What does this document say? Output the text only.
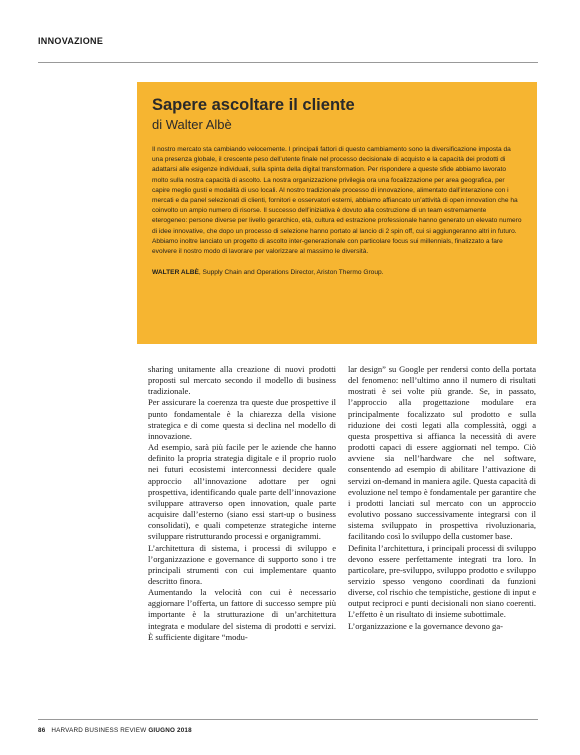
INNOVAZIONE
Sapere ascoltare il cliente
di Walter Albè

Il nostro mercato sta cambiando velocemente. I principali fattori di questo cambiamento sono la diversificazione imposta da una presenza globale, il crescente peso dell’utente finale nel processo decisionale di acquisto e la capacità dei prodotti di adattarsi alle esigenze individuali, sulla spinta della digital transformation. Per rispondere a queste sfide abbiamo lavorato molto sulla nostra capacità di ascolto. La nostra organizzazione privilegia ora una focalizzazione per area geografica, per capire meglio gusti e modalità di uso locali. Al nostro tradizionale processo di innovazione, alimentato dall’interazione con i mercati e da panel selezionati di clienti, fornitori e osservatori esterni, abbiamo affiancato un’attività di open innovation che ha coinvolto un ampio numero di risorse. Il successo dell’iniziativa è dovuto alla costruzione di un team estremamente eterogeneo: persone diverse per livello gerarchico, età, cultura ed estrazione professionale hanno generato un elevato numero di idee innovative, che dopo un processo di selezione hanno portato al lancio di 2 spin off, cui si aggiungeranno altri in futuro. Abbiamo inoltre lanciato un progetto di ascolto inter-generazionale con particolare focus sui millennials, finalizzato a fare evolvere il nostro modo di lavorare per valorizzare al massimo le diversità.

WALTER ALBÈ, Supply Chain and Operations Director, Ariston Thermo Group.

sharing unitamente alla creazione di nuovi prodotti proposti sul mercato secondo il modello di business tradizionale.

Per assicurare la coerenza tra queste due prospettive il punto fondamentale è la chiarezza della visione strategica e di come questa si declina nel modello di innovazione.

Ad esempio, sarà più facile per le aziende che hanno definito la propria strategia digitale e il proprio ruolo nei futuri ecosistemi interconnessi decidere quale approccio all’innovazione adottare per ogni prospettiva, identificando quale parte dell’innovazione sviluppare attraverso open innovation, quale parte acquisire dall’esterno (siano essi start-up o business consolidati), e quali competenze strategiche interne sviluppare ristrutturando processi e organigrammi.

L’architettura di sistema, i processi di sviluppo e l’organizzazione e governance di supporto sono i tre principali strumenti con cui implementare quanto descritto finora.

Aumentando la velocità con cui è necessario aggiornare l’offerta, un fattore di successo sempre più importante è la strutturazione di un’architettura integrata e modulare del sistema di prodotti e servizi. È sufficiente digitare “modu-

lar design” su Google per rendersi conto della portata del fenomeno: nell’ultimo anno il numero di risultati mostrati è sei volte più grande. Se, in passato, l’approccio alla progettazione modulare era principalmente focalizzato sul prodotto e sulla riduzione dei costi legati alla complessità, oggi a questa prospettiva si affianca la necessità di avere prodotti capaci di essere aggiornati nel tempo. Ciò avviene sia nell’hardware che nel software, consentendo ad esempio di abilitare l’attivazione di servizi on-demand in maniera agile. Questa capacità di evoluzione nel tempo è fondamentale per garantire che i prodotti lanciati sul mercato con un approccio evolutivo possano successivamente integrarsi con il sistema sviluppato in prospettiva rivoluzionaria, facilitando così lo sviluppo della customer base.

Definita l’architettura, i principali processi di sviluppo devono essere perfettamente integrati tra loro. In particolare, pre-sviluppo, sviluppo prodotto e sviluppo servizio spesso vengono coordinati da funzioni diverse, col rischio che tempistiche, gestione di input e output reciproci e punti decisionali non siano coerenti. L’effetto è un risultato di insieme subottimale.

L’organizzazione e la governance devono ga-

86 HARVARD BUSINESS REVIEW GIUGNO 2018
